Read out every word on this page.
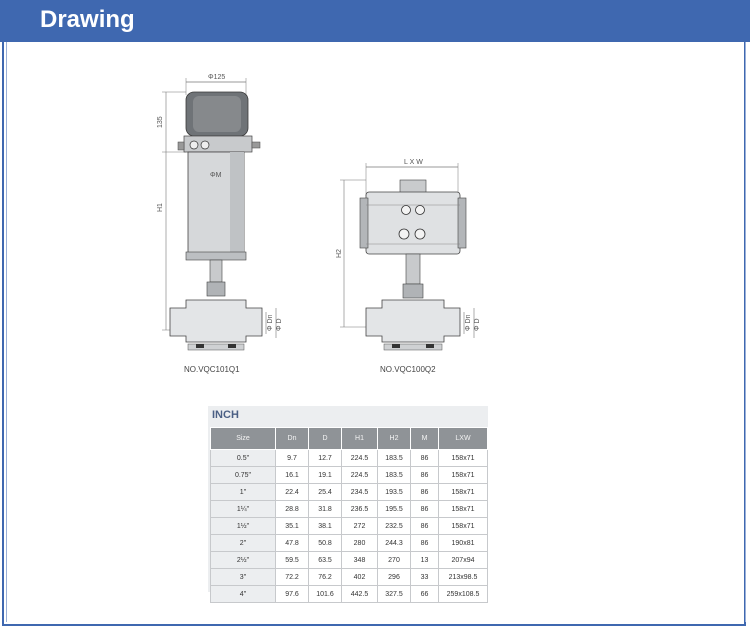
Drawing
Φ125
135
H1
ΦM
Φ Dn Φ D
NO.VQC101Q1
L X W
H2
Φ Dn Φ D
NO.VQC100Q2
INCH
Size	Dn	D	H1	H2	M	LXW
0.5"	9.7	12.7	224.5	183.5	86	158x71
0.75"	16.1	19.1	224.5	183.5	86	158x71
1"	22.4	25.4	234.5	193.5	86	158x71
1¼"	28.8	31.8	236.5	195.5	86	158x71
1½"	35.1	38.1	272	232.5	86	158x71
2"	47.8	50.8	280	244.3	86	190x81
2½"	59.5	63.5	348	270	13	207x94
3"	72.2	76.2	402	296	33	213x98.5
4"	97.6	101.6	442.5	327.5	66	259x108.5
